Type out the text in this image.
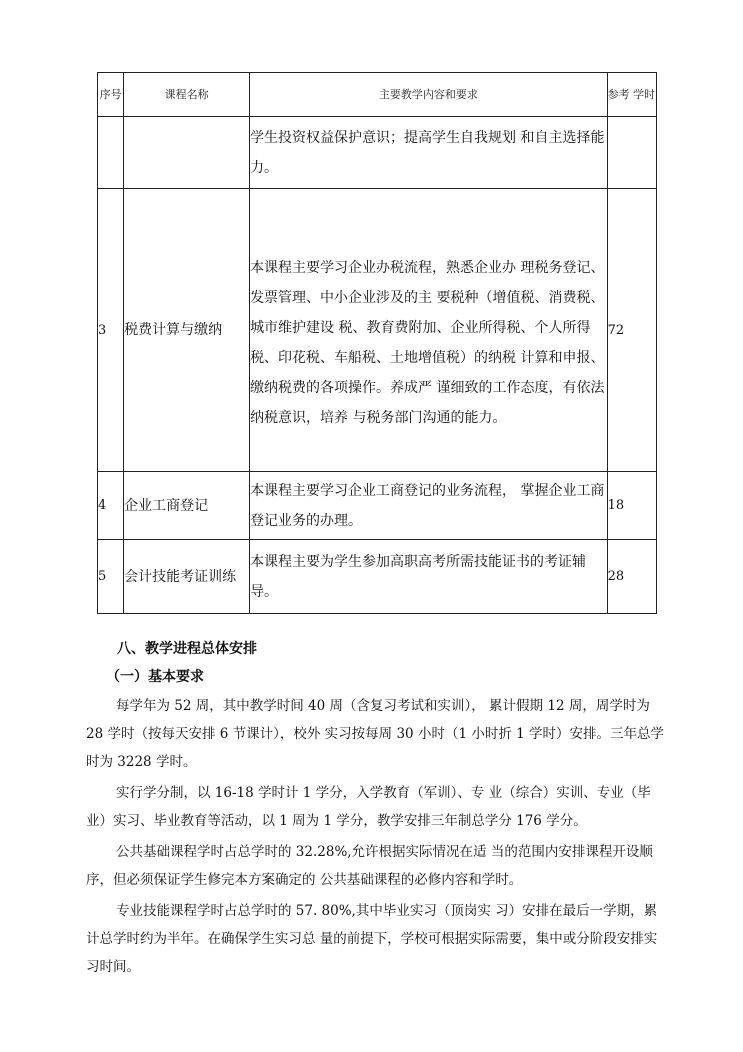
序号	课程名称	主要教学内容和要求	参考 学时
		学生投资权益保护意识；提高学生自我规划 和自主选择能力。	
3	税费计算与缴纳	本课程主要学习企业办税流程，熟悉企业办 理税务登记、发票管理、中小企业涉及的主 要税种（增值税、消费税、城市维护建设 税、教育费附加、企业所得税、个人所得 税、印花税、车船税、土地增值税）的纳税 计算和申报、缴纳税费的各项操作。养成严 谨细致的工作态度，有依法纳税意识，培养 与税务部门沟通的能力。	72
4	企业工商登记	本课程主要学习企业工商登记的业务流程， 掌握企业工商登记业务的办理。	18
5	会计技能考证训练	本课程主要为学生参加高职高考所需技能证书的考证辅导。	28
八、教学进程总体安排
（一）基本要求

每学年为 52 周，其中教学时间 40 周（含复习考试和实训）， 累计假期 12 周，周学时为 28 学时（按每天安排 6 节课计），校外 实习按每周 30 小时（1 小时折 1 学时）安排。三年总学时为 3228 学时。

实行学分制，以 16-18 学时计 1 学分，入学教育（军训）、专 业（综合）实训、专业（毕业）实习、毕业教育等活动，以 1 周为 1 学分，教学安排三年制总学分 176 学分。

公共基础课程学时占总学时的 32.28%,允许根据实际情况在适 当的范围内安排课程开设顺序，但必须保证学生修完本方案确定的 公共基础课程的必修内容和学时。

专业技能课程学时占总学时的 57. 80%,其中毕业实习（顶岗实 习）安排在最后一学期，累计总学时约为半年。在确保学生实习总 量的前提下，学校可根据实际需要，集中或分阶段安排实习时间。
